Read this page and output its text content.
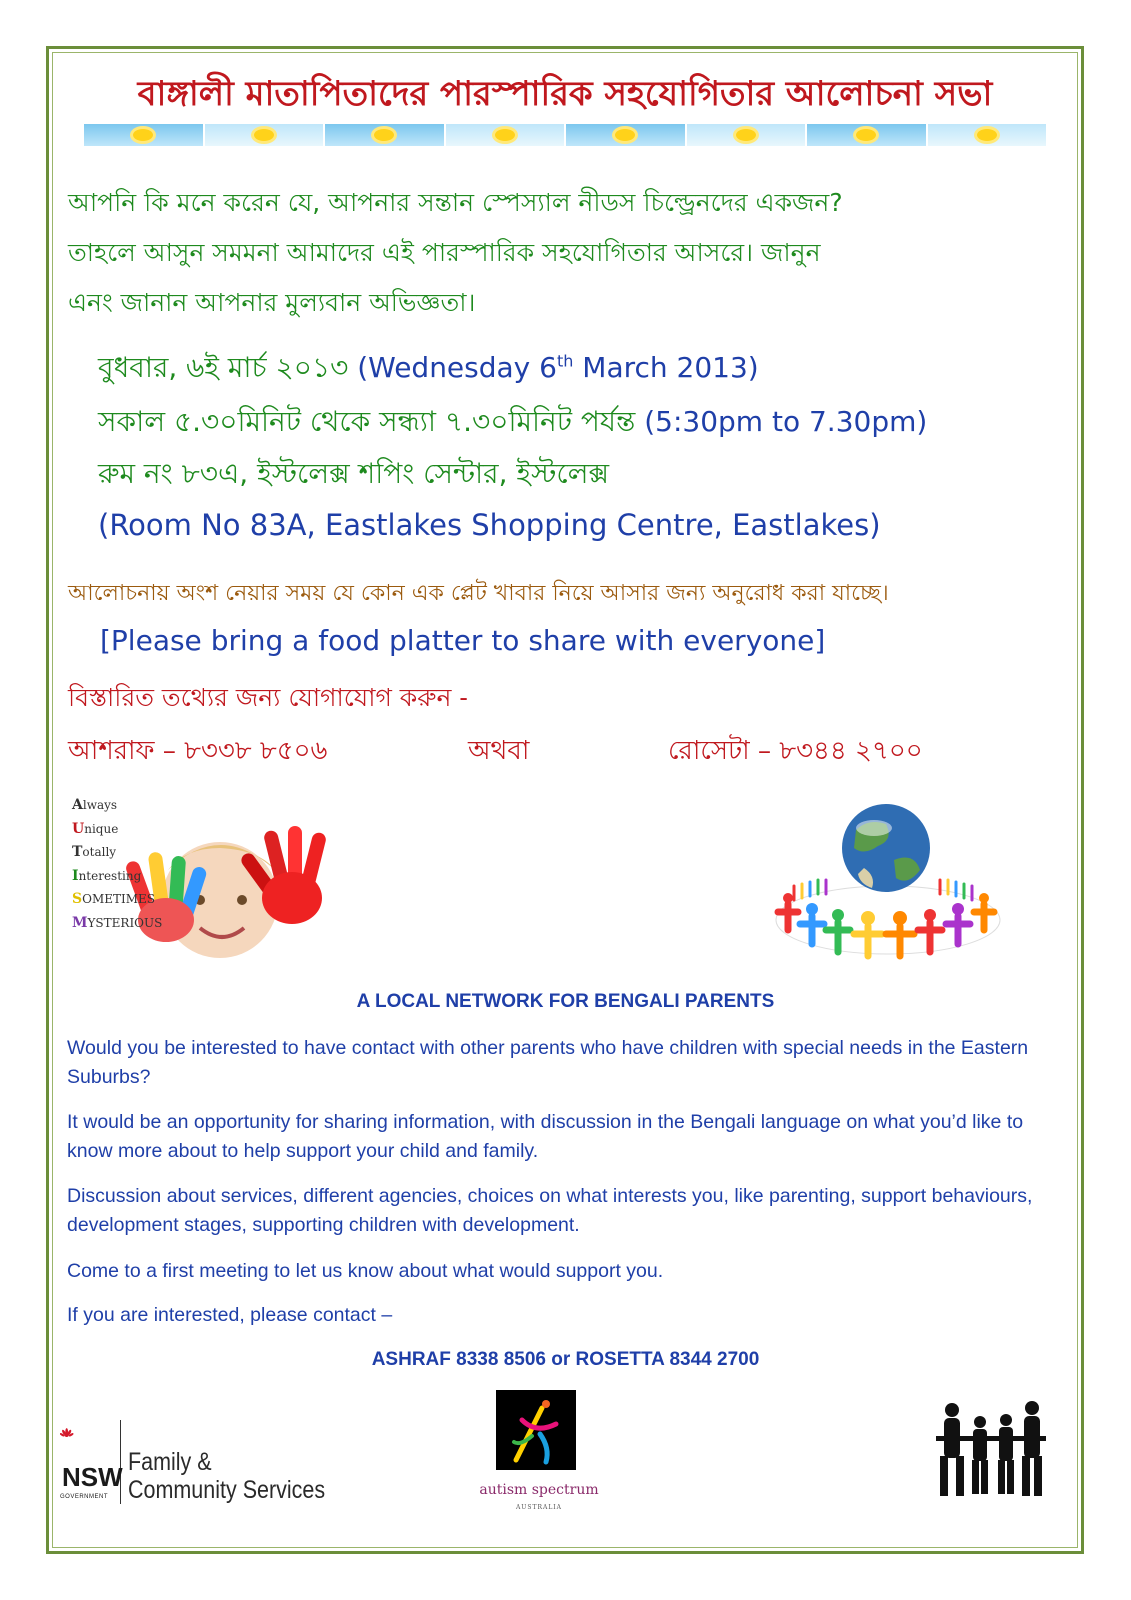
বাঙ্গালী মাতাপিতাদের পারস্পারিক সহযোগিতার আলোচনা সভা
আপনি কি মনে করেন যে, আপনার সন্তান স্পেস্যাল নীডস চিল্ড্রেনদের একজন?
তাহলে আসুন সমমনা আমাদের এই পারস্পারিক সহযোগিতার আসরে। জানুন
এনং জানান আপনার মুল্যবান অভিজ্ঞতা।
বুধবার, ৬ই মার্চ ২০১৩ (Wednesday 6th March 2013)
সকাল ৫.৩০মিনিট থেকে সন্ধ্যা ৭.৩০মিনিট পর্যন্ত (5:30pm to 7.30pm)
রুম নং ৮৩এ, ইস্টলেক্স শপিং সেন্টার, ইস্টলেক্স
(Room No 83A, Eastlakes Shopping Centre, Eastlakes)
আলোচনায় অংশ নেয়ার সময় যে কোন এক প্লেট খাবার নিয়ে আসার জন্য অনুরোধ করা যাচ্ছে।
[Please bring a food platter to share with everyone]
বিস্তারিত তথ্যের জন্য যোগাযোগ করুন -
আশরাফ – ৮৩৩৮ ৮৫০৬	অথবা	রোসেটা – ৮৩৪৪ ২৭০০
Always
Unique
Totally
Interesting
SOMETIMES
MYSTERIOUS
A LOCAL NETWORK FOR BENGALI PARENTS
Would you be interested to have contact with other parents who have children with special needs in the Eastern Suburbs?
It would be an opportunity for sharing information, with discussion in the Bengali language on what you’d like to know more about to help support your child and family.
Discussion about services, different agencies, choices on what interests you, like parenting, support behaviours, development stages, supporting children with development.
Come to a first meeting to let us know about what would support you.
If you are interested, please contact –
ASHRAF 8338 8506 or ROSETTA 8344 2700
NSW
GOVERNMENT
Family &
Community Services	autism spectrum
AUSTRALIA
